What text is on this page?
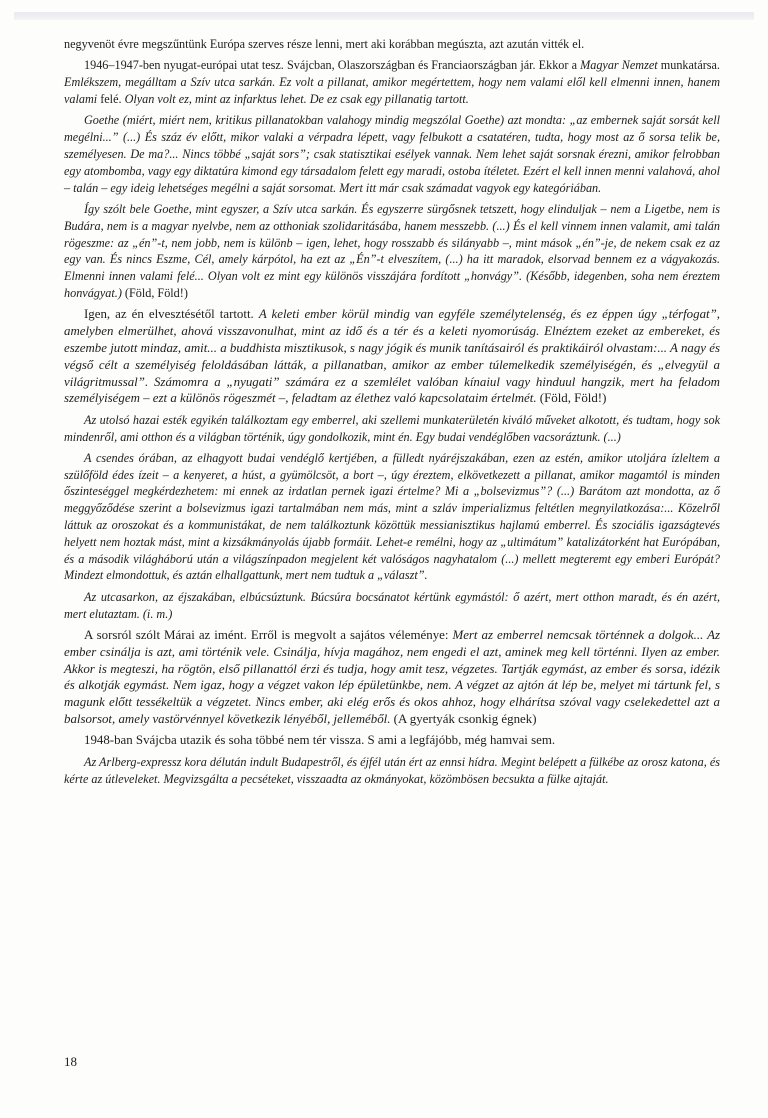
negyvenöt évre megszűntünk Európa szerves része lenni, mert aki korábban megúszta, azt azután vitték el.

1946–1947-ben nyugat-európai utat tesz. Svájcban, Olaszországban és Franciaországban jár. Ekkor a Magyar Nemzet munkatársa. Emlékszem, megálltam a Szív utca sarkán. Ez volt a pillanat, amikor megértettem, hogy nem valami elől kell elmenni innen, hanem valami felé. Olyan volt ez, mint az infarktus lehet. De ez csak egy pillanatig tartott.

Goethe (miért, miért nem, kritikus pillanatokban valahogy mindig megszólal Goethe) azt mondta: „az embernek saját sorsát kell megélni...” (...) És száz év előtt, mikor valaki a vérpadra lépett, vagy felbukott a csatatéren, tudta, hogy most az ő sorsa telik be, személyesen. De ma?... Nincs többé „saját sors”; csak statisztikai esélyek vannak. Nem lehet saját sorsnak érezni, amikor felrobban egy atombomba, vagy egy diktatúra kimond egy társadalom felett egy maradi, ostoba ítéletet. Ezért el kell innen menni valahová, ahol – talán – egy ideig lehetséges megélni a saját sorsomat. Mert itt már csak számadat vagyok egy kategóriában.

Így szólt bele Goethe, mint egyszer, a Szív utca sarkán. És egyszerre sürgősnek tetszett, hogy elinduljak – nem a Ligetbe, nem is Budára, nem is a magyar nyelvbe, nem az otthoniak szolidaritásába, hanem messzebb. (...) És el kell vinnem innen valamit, ami talán rögeszme: az „én”-t, nem jobb, nem is különb – igen, lehet, hogy rosszabb és silányabb –, mint mások „én”-je, de nekem csak ez az egy van. És nincs Eszme, Cél, amely kárpótol, ha ezt az „Én”-t elveszítem, (...) ha itt maradok, elsorvad bennem ez a vágyakozás. Elmenni innen valami felé... Olyan volt ez mint egy különös visszájára fordított „honvágy”. (Később, idegenben, soha nem éreztem honvágyat.) (Föld, Föld!)

Igen, az én elvesztésétől tartott. A keleti ember körül mindig van egyféle személytelenség, és ez éppen úgy „térfogat”, amelyben elmerülhet, ahová visszavonulhat, mint az idő és a tér és a keleti nyomorúság. Elnéztem ezeket az embereket, és eszembe jutott mindaz, amit... a buddhista misztikusok, s nagy jógik és munik tanításairól és praktikáiról olvastam:... A nagy és végső célt a személyiség feloldásában látták, a pillanatban, amikor az ember túlemelkedik személyiségén, és „elvegyül a világritmussal”. Számomra a „nyugati” számára ez a szemlélet valóban kínaiul vagy hinduul hangzik, mert ha feladom személyiségem – ezt a különös rögeszmét –, feladtam az élethez való kapcsolataim értelmét. (Föld, Föld!)

Az utolsó hazai esték egyikén találkoztam egy emberrel, aki szellemi munkaterületén kiváló műveket alkotott, és tudtam, hogy sok mindenről, ami otthon és a világban történik, úgy gondolkozik, mint én. Egy budai vendéglőben vacsoráztunk. (...)

A csendes órában, az elhagyott budai vendéglő kertjében, a fülledt nyáréjszakában, ezen az estén, amikor utoljára ízleltem a szülőföld édes ízeit – a kenyeret, a húst, a gyümölcsöt, a bort –, úgy éreztem, elkövetkezett a pillanat, amikor magamtól is minden őszinteséggel megkérdezhetem: mi ennek az irdatlan pernek igazi értelme? Mi a „bolsevizmus”? (...) Barátom azt mondotta, az ő meggyőződése szerint a bolsevizmus igazi tartalmában nem más, mint a szláv imperializmus feltétlen megnyilatkozása:... Közelről láttuk az oroszokat és a kommunistákat, de nem találkoztunk közöttük messianisztikus hajlamú emberrel. És szociális igazságtevés helyett nem hoztak mást, mint a kizsákmányolás újabb formáit. Lehet-e remélni, hogy az „ultimátum” katalizátorként hat Európában, és a második világháború után a világszínpadon megjelent két valóságos nagyhatalom (...) mellett megteremt egy emberi Európát? Mindezt elmondottuk, és aztán elhallgattunk, mert nem tudtuk a „választ”.

Az utcasarkon, az éjszakában, elbúcsúztunk. Búcsúra bocsánatot kértünk egymástól: ő azért, mert otthon maradt, és én azért, mert elutaztam. (i. m.)

A sorsról szólt Márai az imént. Erről is megvolt a sajátos véleménye: Mert az emberrel nemcsak történnek a dolgok... Az ember csinálja is azt, ami történik vele. Csinálja, hívja magához, nem engedi el azt, aminek meg kell történni. Ilyen az ember. Akkor is megteszi, ha rögtön, első pillanattól érzi és tudja, hogy amit tesz, végzetes. Tartják egymást, az ember és sorsa, idézik és alkotják egymást. Nem igaz, hogy a végzet vakon lép épületünkbe, nem. A végzet az ajtón át lép be, melyet mi tártunk fel, s magunk előtt tessékeltük a végzetet. Nincs ember, aki elég erős és okos ahhoz, hogy elhárítsa szóval vagy cselekedettel azt a balsorsot, amely vastörvénnyel következik lényéből, jelleméből. (A gyertyák csonkig égnek)

1948-ban Svájcba utazik és soha többé nem tér vissza. S ami a legfájóbb, még hamvai sem.

Az Arlberg-expressz kora délután indult Budapestről, és éjfél után ért az ennsi hídra. Megint belépett a fülkébe az orosz katona, és kérte az útleveleket. Megvizsgálta a pecséteket, visszaadta az okmányokat, közömbösen becsukta a fülke ajtaját.

18
